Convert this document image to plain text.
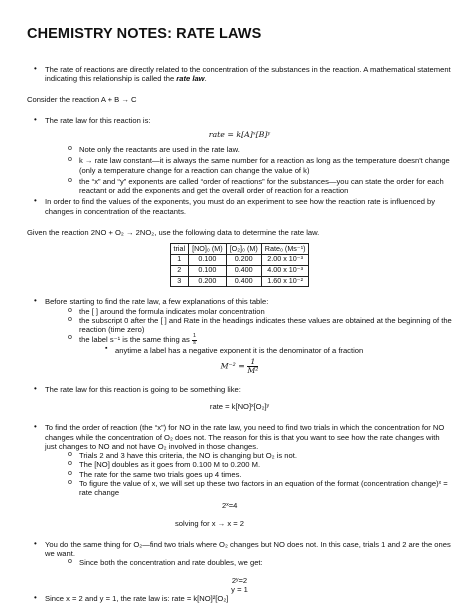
CHEMISTRY NOTES: RATE LAWS
• The rate of reactions are directly related to the concentration of the substances in the reaction. A mathematical statement indicating this relationship is called the rate law.
Consider the reaction A + B → C
• The rate law for this reaction is:
rate = k[A]ˣ[B]ʸ
o Note only the reactants are used in the rate law.
o k → rate law constant—it is always the same number for a reaction as long as the temperature doesn't change (only a temperature change for a reaction can change the value of k)
o the “x” and “y” exponents are called “order of reactions” for the substances—you can state the order for each reactant or add the exponents and get the overall order of reaction for a reaction
• In order to find the values of the exponents, you must do an experiment to see how the reaction rate is influenced by changes in concentration of the reactants.
Given the reaction 2NO + O₂ → 2NO₂, use the following data to determine the rate law.
trial	[NO]₀ (M)	[O₂]₀ (M)	Rate₀ (Ms⁻¹)
1	0.100	0.200	2.00 x 10⁻³
2	0.100	0.400	4.00 x 10⁻³
3	0.200	0.400	1.60 x 10⁻²
• Before starting to find the rate law, a few explanations of this table:
o the [ ] around the formula indicates molar concentration
o the subscript 0 after the [ ] and Rate in the headings indicates these values are obtained at the beginning of the reaction (time zero)
o the label s⁻¹ is the same thing as $\frac{1}{s}$
▪ anytime a label has a negative exponent it is the denominator of a fraction
$M^{-2} = \frac{1}{\text{M²}}$
• The rate law for this reaction is going to be something like:
rate = k[NO]ˣ[O₂]ʸ
• To find the order of reaction (the “x”) for NO in the rate law, you need to find two trials in which the concentration for NO changes while the concentration of O₂ does not. The reason for this is that you want to see how the rate changes with just changes to NO and not have O₂ involved in those changes.
o Trials 2 and 3 have this criteria, the NO is changing but O₂ is not.
o The [NO] doubles as it goes from 0.100 M to 0.200 M.
o The rate for the same two trials goes up 4 times.
o To figure the value of x, we will set up these two factors in an equation of the format (concentration change)ˣ = rate change
2ˣ=4
solving for x → x = 2
• You do the same thing for O₂—find two trials where O₂ changes but NO does not. In this case, trials 1 and 2 are the ones we want.
o Since both the concentration and rate doubles, we get:
2ʸ=2
y = 1
• Since x = 2 and y = 1, the rate law is: rate = k[NO]²[O₂]
